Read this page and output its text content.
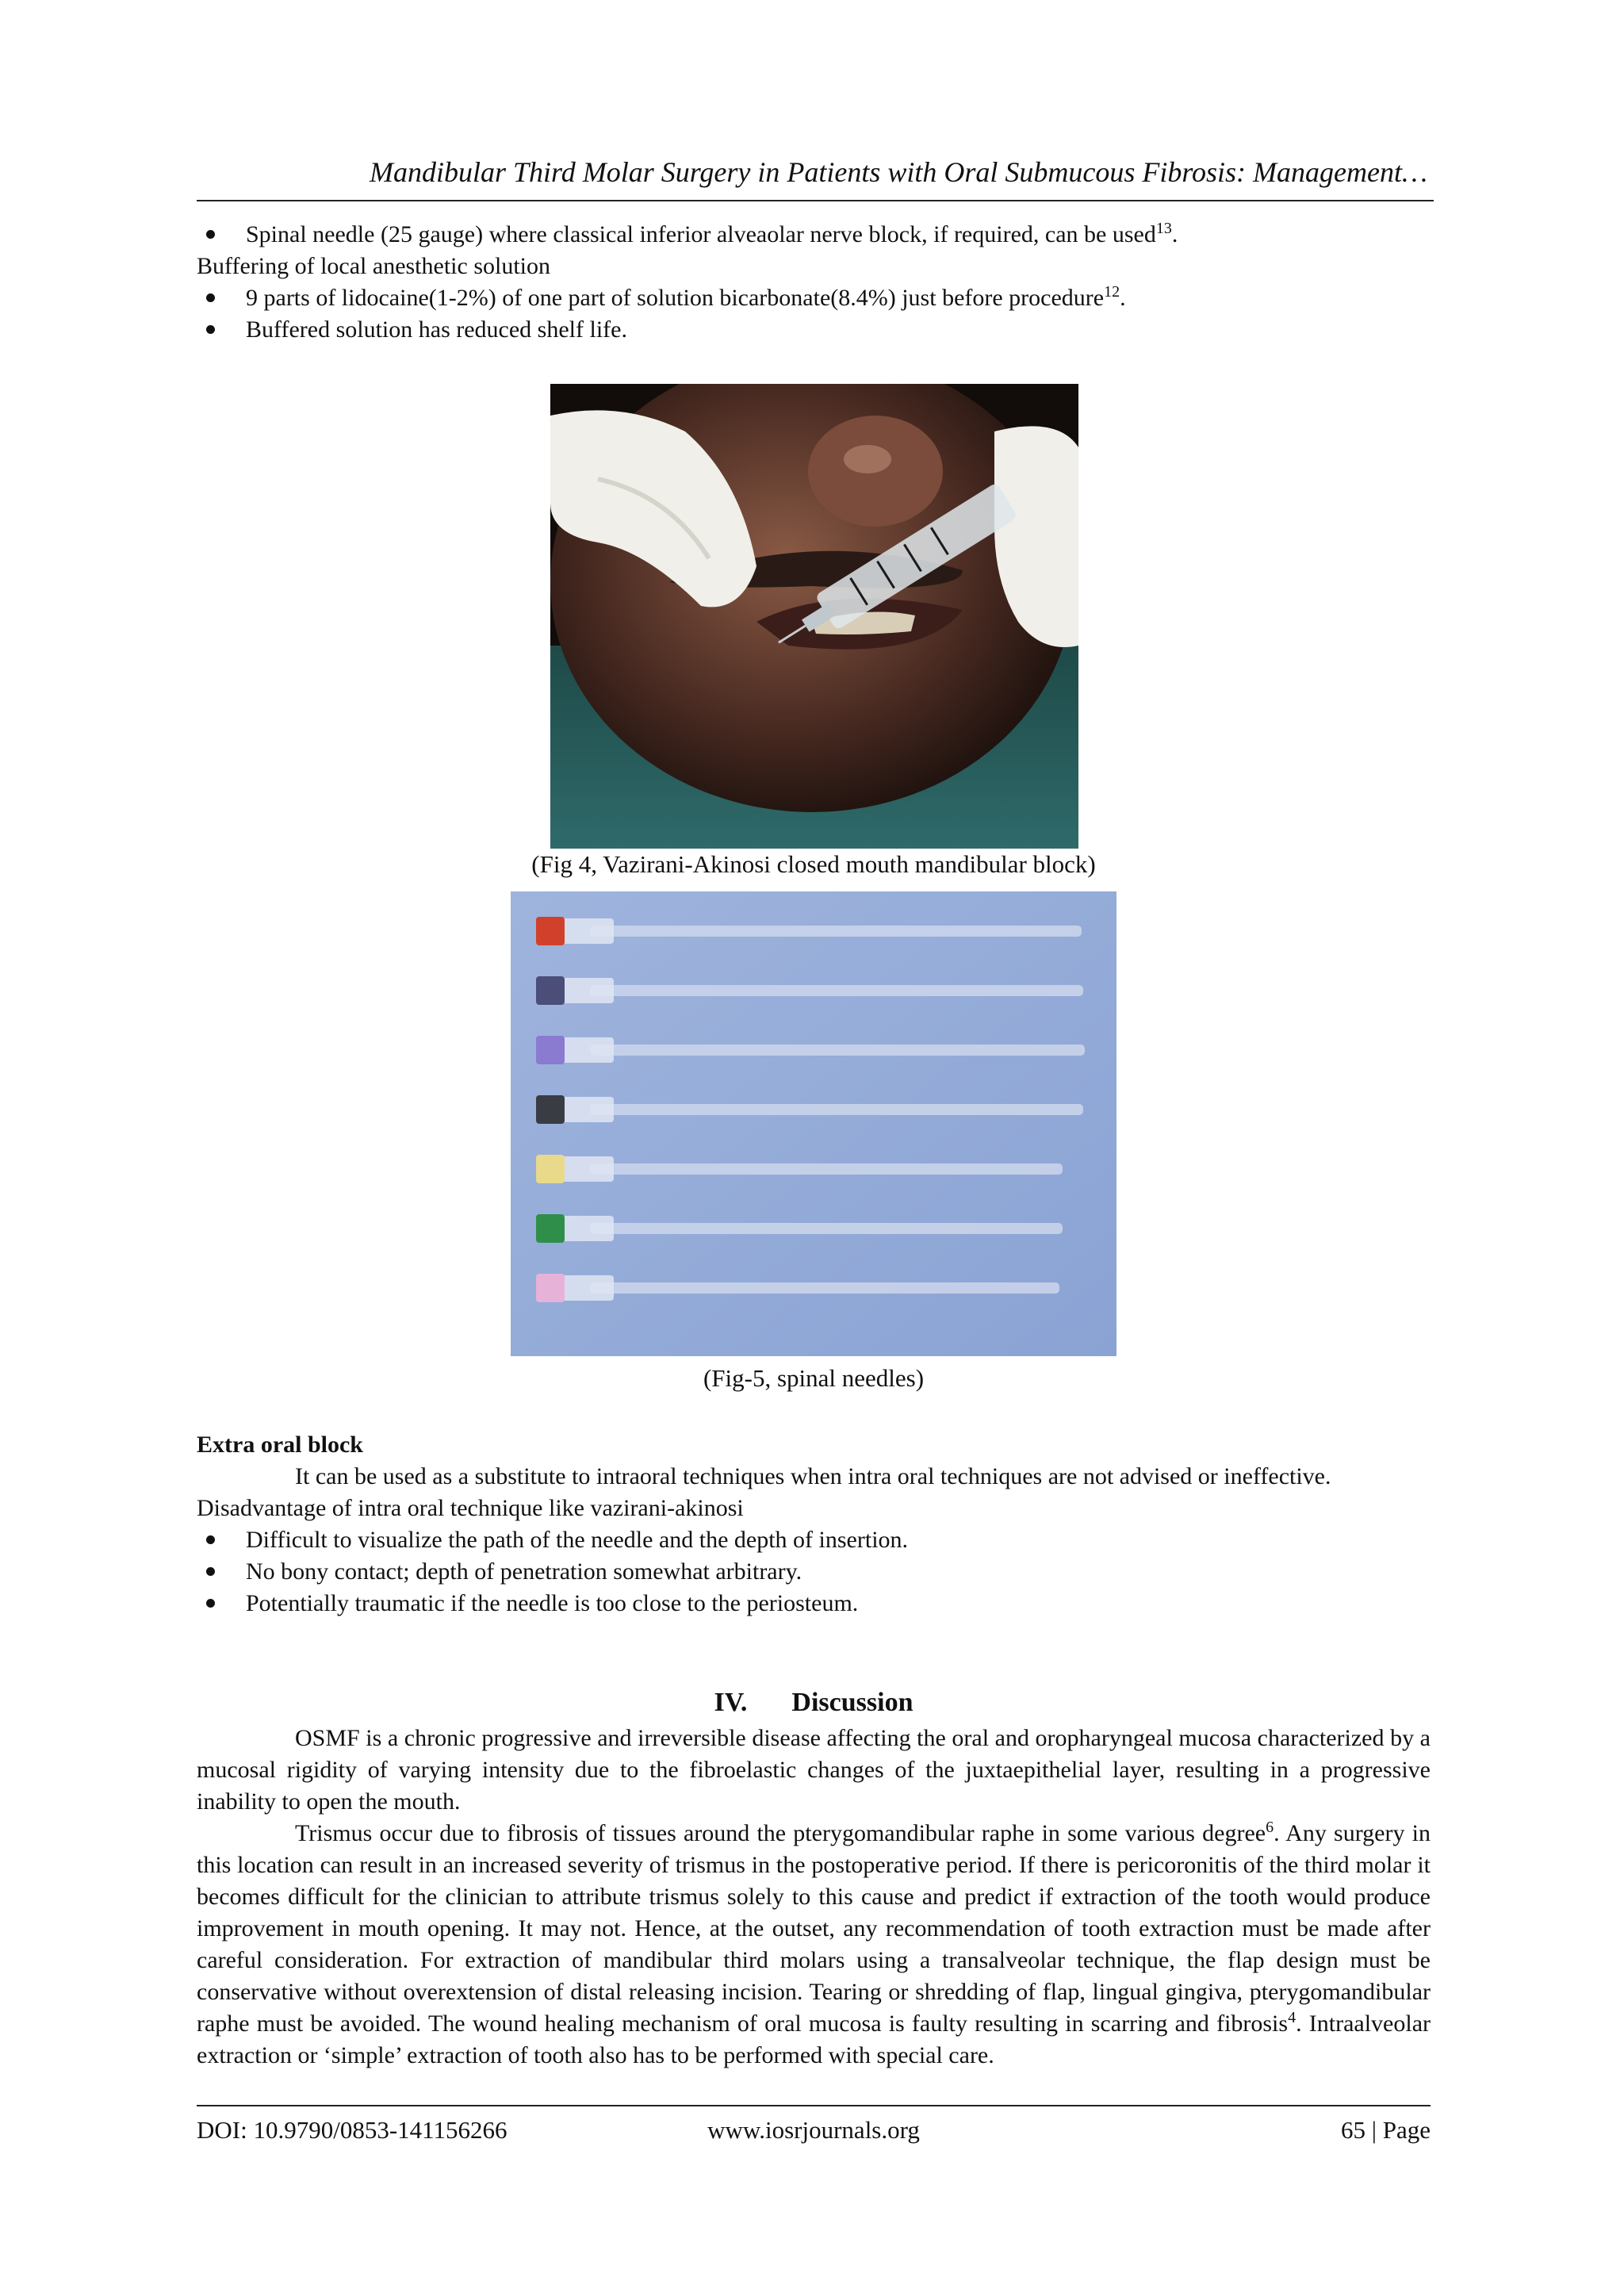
Mandibular Third Molar Surgery in Patients with Oral Submucous Fibrosis: Management…
Spinal needle (25 gauge) where classical inferior alveaolar nerve block, if required, can be used$^{13}$.
Buffering of local anesthetic solution
9 parts of lidocaine(1-2%) of one part of solution bicarbonate(8.4%) just before procedure$^{12}$.
Buffered solution has reduced shelf life.
(Fig 4, Vazirani-Akinosi closed mouth mandibular block)
(Fig-5, spinal needles)
Extra oral block

It can be used as a substitute to intraoral techniques when intra oral techniques are not advised or ineffective.

Disadvantage of intra oral technique like vazirani-akinosi
Difficult to visualize the path of the needle and the depth of insertion.
No bony contact; depth of penetration somewhat arbitrary.
Potentially traumatic if the needle is too close to the periosteum.
IV. Discussion

OSMF is a chronic progressive and irreversible disease affecting the oral and oropharyngeal mucosa characterized by a mucosal rigidity of varying intensity due to the fibroelastic changes of the juxtaepithelial layer, resulting in a progressive inability to open the mouth.

Trismus occur due to fibrosis of tissues around the pterygomandibular raphe in some various degree$^6$. Any surgery in this location can result in an increased severity of trismus in the postoperative period. If there is pericoronitis of the third molar it becomes difficult for the clinician to attribute trismus solely to this cause and predict if extraction of the tooth would produce improvement in mouth opening. It may not. Hence, at the outset, any recommendation of tooth extraction must be made after careful consideration. For extraction of mandibular third molars using a transalveolar technique, the flap design must be conservative without overextension of distal releasing incision. Tearing or shredding of flap, lingual gingiva, pterygomandibular raphe must be avoided. The wound healing mechanism of oral mucosa is faulty resulting in scarring and fibrosis$^4$. Intraalveolar extraction or ‘simple’ extraction of tooth also has to be performed with special care.

DOI: 10.9790/0853-141156266	www.iosrjournals.org	65 | Page
